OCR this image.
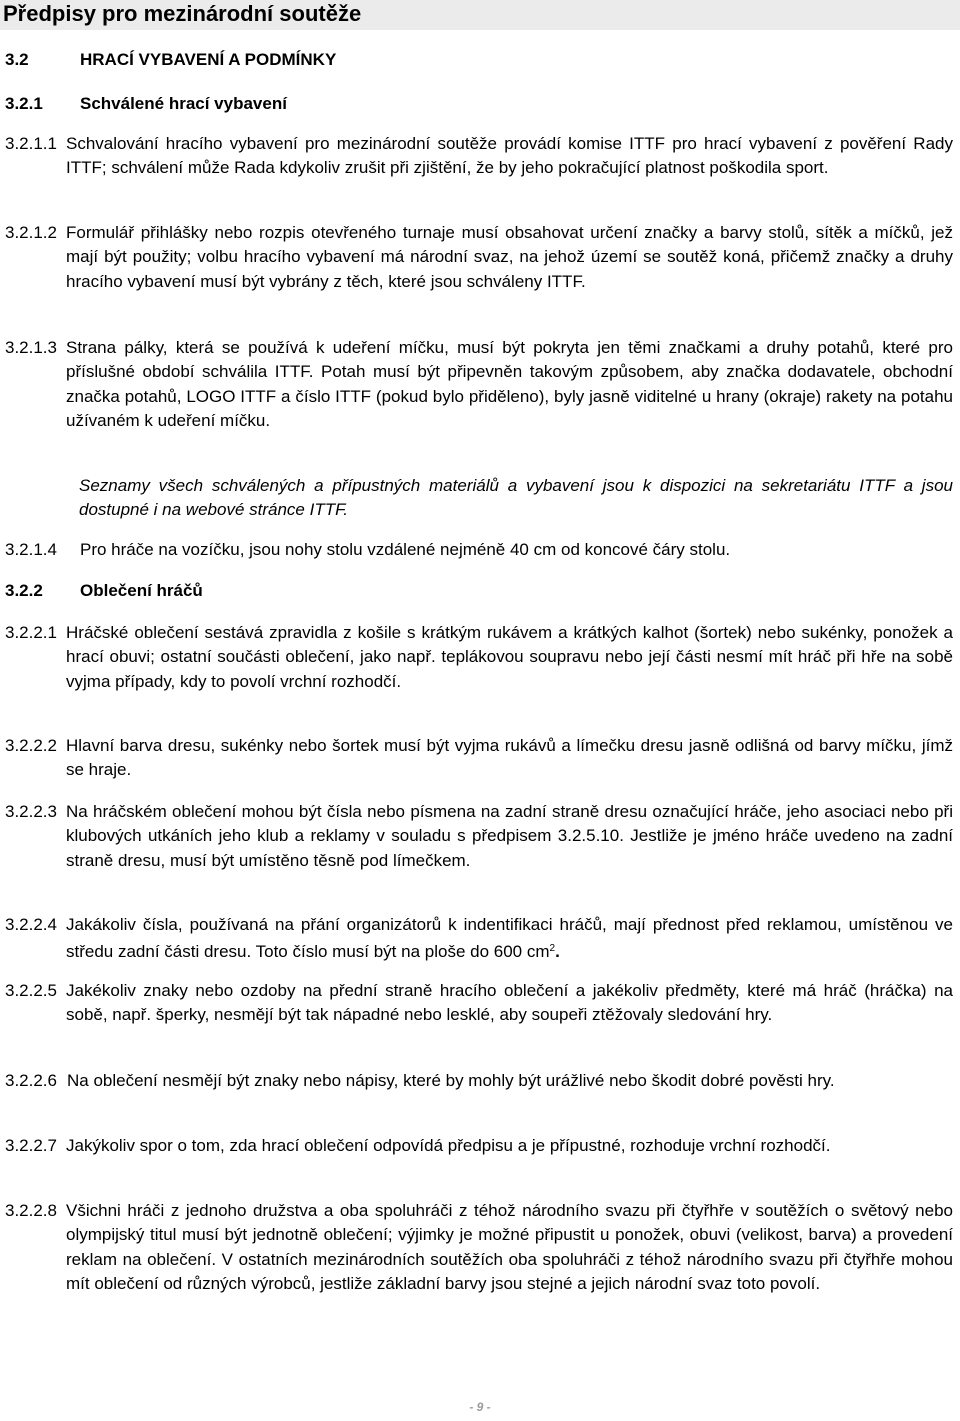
Předpisy pro mezinárodní soutěže
3.2	HRACÍ VYBAVENÍ A PODMÍNKY
3.2.1 Schválené hrací vybavení
3.2.1.1 Schvalování hracího vybavení pro mezinárodní soutěže provádí komise ITTF pro hrací vybavení z pověření Rady ITTF; schválení může Rada kdykoliv zrušit při zjištění, že by jeho pokračující platnost poškodila sport.
3.2.1.2 Formulář přihlášky nebo rozpis otevřeného turnaje musí obsahovat určení značky a barvy stolů, sítěk a míčků, jež mají být použity; volbu hracího vybavení má národní svaz, na jehož území se soutěž koná, přičemž značky a druhy hracího vybavení musí být vybrány z těch, které jsou schváleny ITTF.
3.2.1.3 Strana pálky, která se používá k udeření míčku, musí být pokryta jen těmi značkami a druhy potahů, které pro příslušné období schválila ITTF. Potah musí být připevněn takovým způsobem, aby značka dodavatele, obchodní značka potahů, LOGO ITTF a číslo ITTF (pokud bylo přiděleno), byly jasně viditelné u hrany (okraje) rakety na potahu užívaném k udeření míčku.
Seznamy všech schválených a přípustných materiálů a vybavení jsou k dispozici na sekretariátu ITTF a jsou dostupné i na webové stránce ITTF.
3.2.1.4 Pro hráče na vozíčku, jsou nohy stolu vzdálené nejméně 40 cm od koncové čáry stolu.
3.2.2 Oblečení hráčů
3.2.2.1 Hráčské oblečení sestává zpravidla z košile s krátkým rukávem a krátkých kalhot (šortek) nebo sukénky, ponožek a hrací obuvi; ostatní součásti oblečení, jako např. teplákovou soupravu nebo její části nesmí mít hráč při hře na sobě vyjma případy, kdy to povolí vrchní rozhodčí.
3.2.2.2 Hlavní barva dresu, sukénky nebo šortek musí být vyjma rukávů a límečku dresu jasně odlišná od barvy míčku, jímž se hraje.
3.2.2.3 Na hráčském oblečení mohou být čísla nebo písmena na zadní straně dresu označující hráče, jeho asociaci nebo při klubových utkáních jeho klub a reklamy v souladu s předpisem 3.2.5.10. Jestliže je jméno hráče uvedeno na zadní straně dresu, musí být umístěno těsně pod límečkem.
3.2.2.4 Jakákoliv čísla, používaná na přání organizátorů k indentifikaci hráčů, mají přednost před reklamou, umístěnou ve středu zadní části dresu. Toto číslo musí být na ploše do 600 $cm^2$.
3.2.2.5 Jakékoliv znaky nebo ozdoby na přední straně hracího oblečení a jakékoliv předměty, které má hráč (hráčka) na sobě, např. šperky, nesmějí být tak nápadné nebo lesklé, aby soupeři ztěžovaly sledování hry.
3.2.2.6 Na oblečení nesmějí být znaky nebo nápisy, které by mohly být urážlivé nebo škodit dobré pověsti hry.
3.2.2.7 Jakýkoliv spor o tom, zda hrací oblečení odpovídá předpisu a je přípustné, rozhoduje vrchní rozhodčí.
3.2.2.8 Všichni hráči z jednoho družstva a oba spoluhráči z téhož národního svazu při čtyřhře v soutěžích o světový nebo olympijský titul musí být jednotně oblečení; výjimky je možné připustit u ponožek, obuvi (velikost, barva) a provedení reklam na oblečení. V ostatních mezinárodních soutěžích oba spoluhráči z téhož národního svazu při čtyřhře mohou mít oblečení od různých výrobců, jestliže základní barvy jsou stejné a jejich národní svaz toto povolí.
- 9 -
